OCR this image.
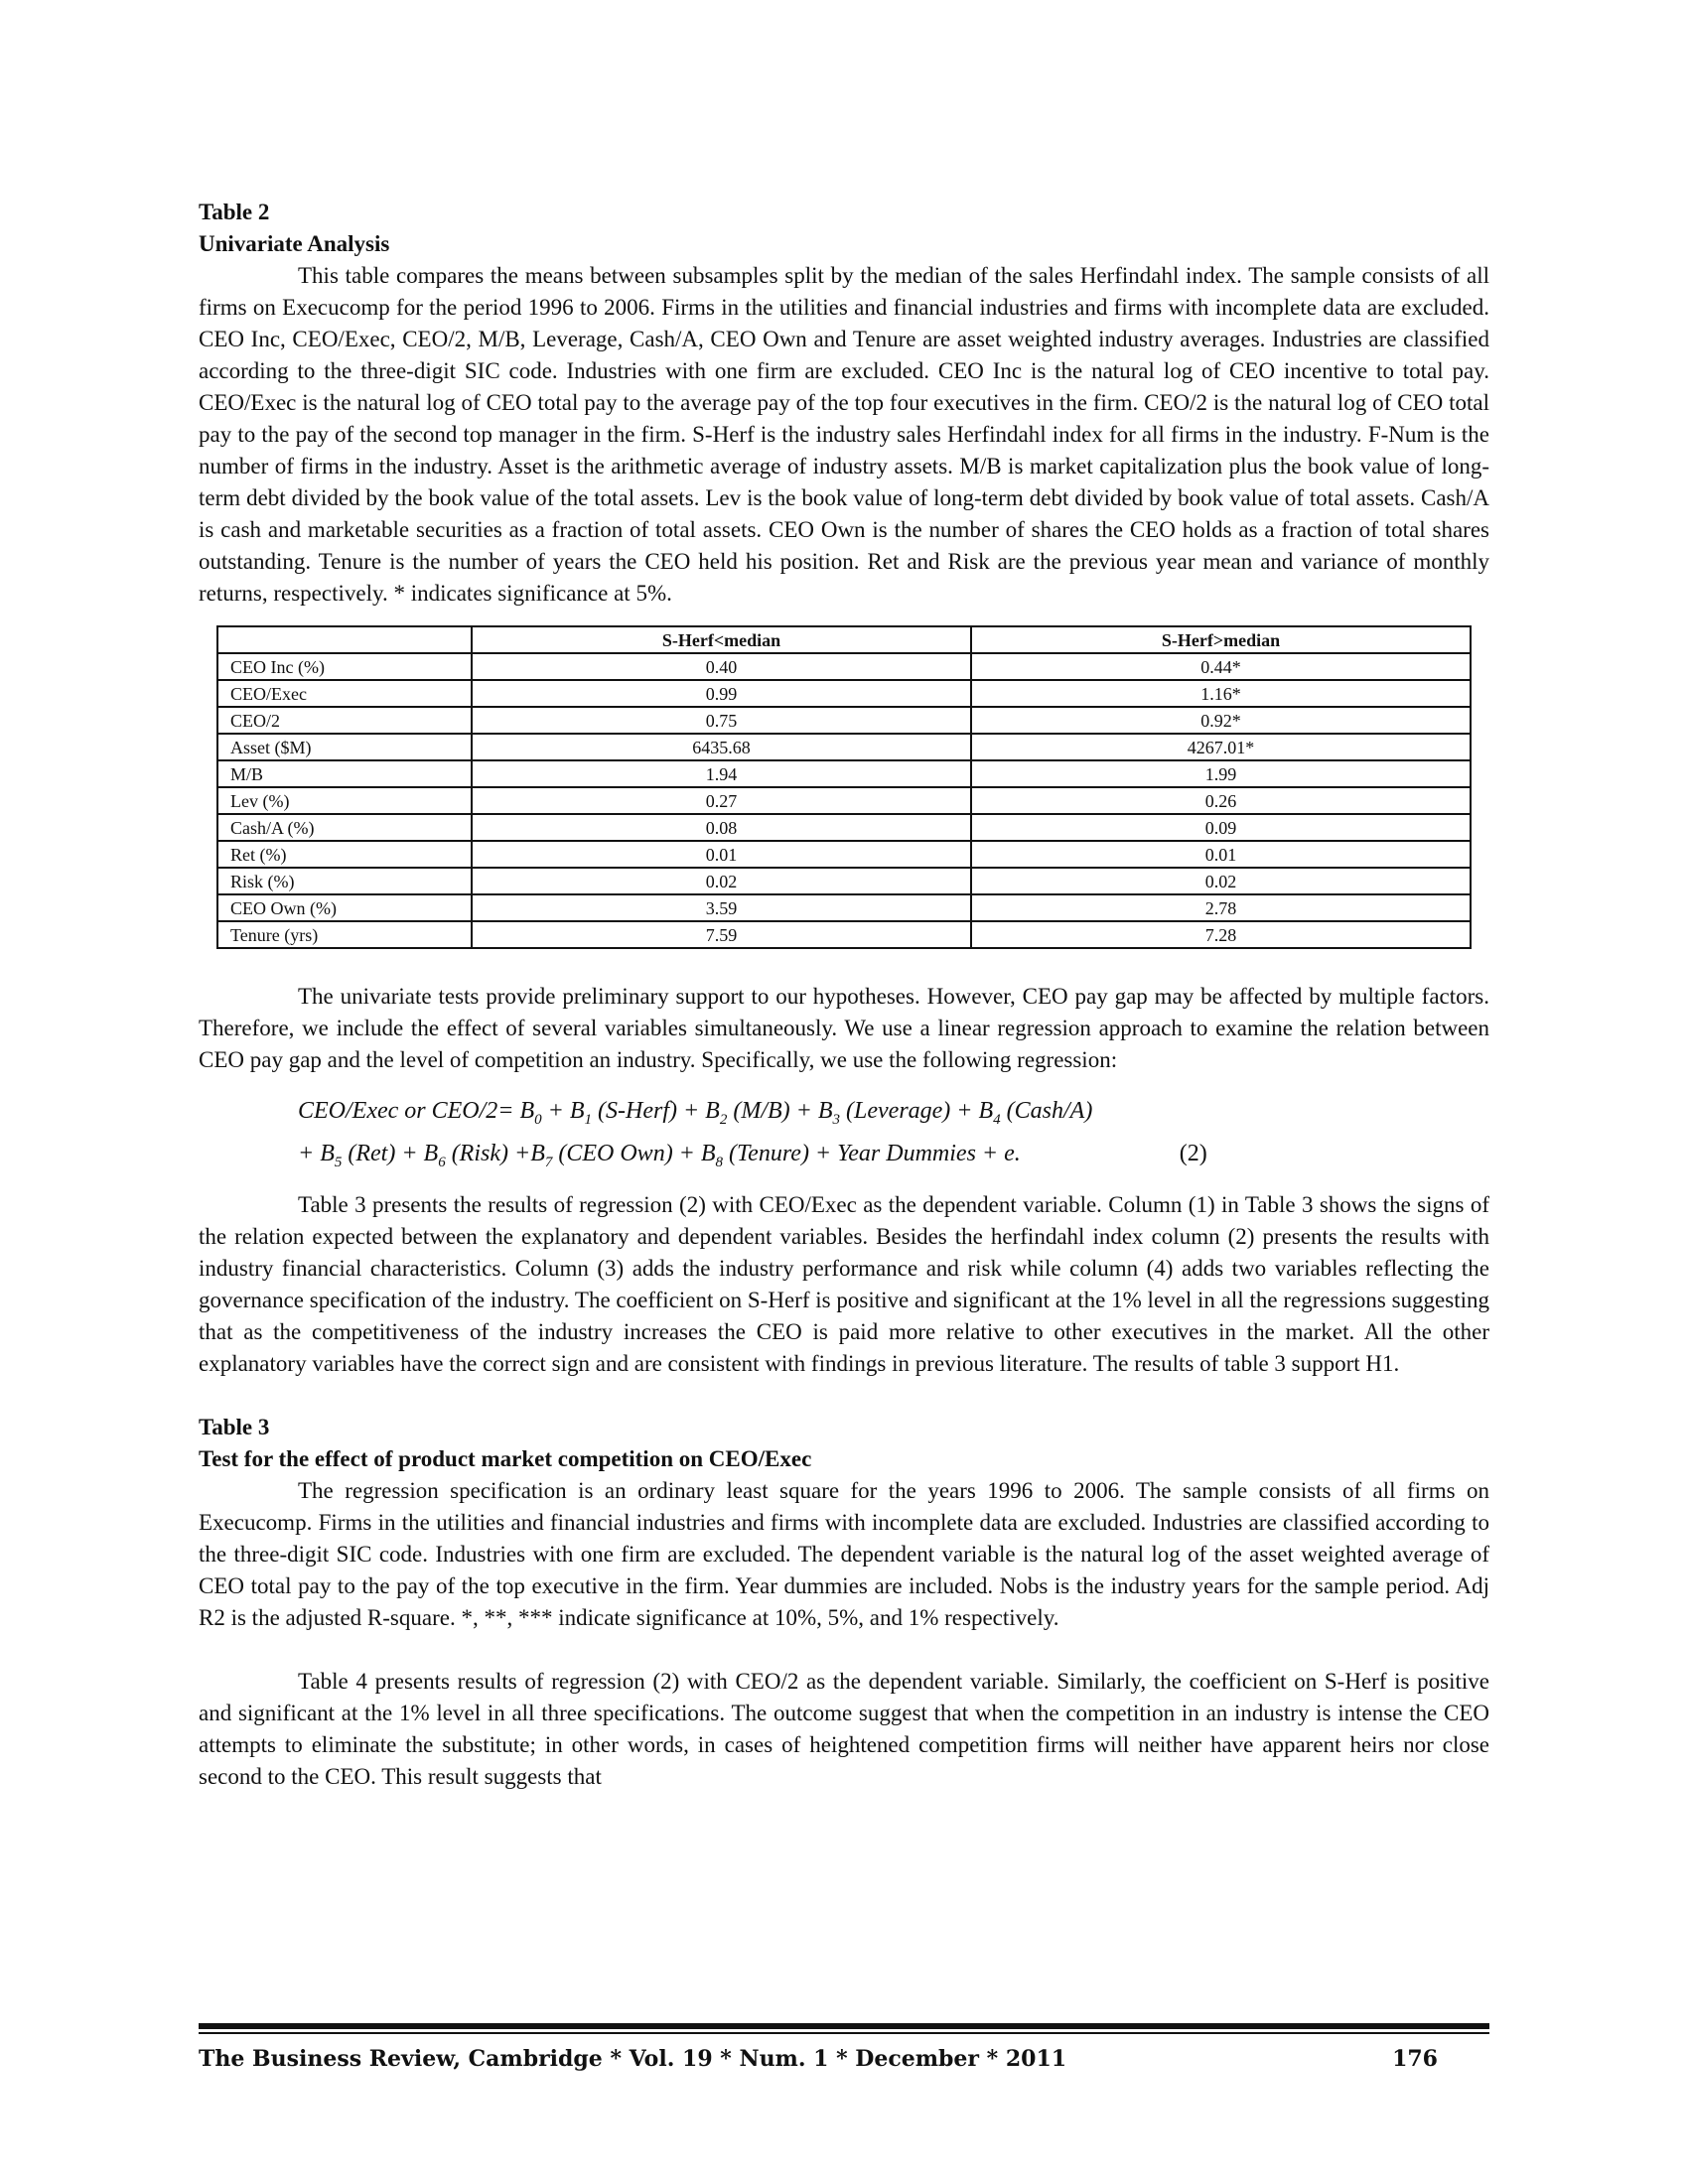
Table 2
Univariate Analysis

This table compares the means between subsamples split by the median of the sales Herfindahl index. The sample consists of all firms on Execucomp for the period 1996 to 2006. Firms in the utilities and financial industries and firms with incomplete data are excluded. CEO Inc, CEO/Exec, CEO/2, M/B, Leverage, Cash/A, CEO Own and Tenure are asset weighted industry averages. Industries are classified according to the three-digit SIC code. Industries with one firm are excluded. CEO Inc is the natural log of CEO incentive to total pay. CEO/Exec is the natural log of CEO total pay to the average pay of the top four executives in the firm. CEO/2 is the natural log of CEO total pay to the pay of the second top manager in the firm. S-Herf is the industry sales Herfindahl index for all firms in the industry. F-Num is the number of firms in the industry. Asset is the arithmetic average of industry assets. M/B is market capitalization plus the book value of long-term debt divided by the book value of the total assets. Lev is the book value of long-term debt divided by book value of total assets. Cash/A is cash and marketable securities as a fraction of total assets. CEO Own is the number of shares the CEO holds as a fraction of total shares outstanding. Tenure is the number of years the CEO held his position. Ret and Risk are the previous year mean and variance of monthly returns, respectively. * indicates significance at 5%.

	S-Herf<median	S-Herf>median
CEO Inc (%)	0.40	0.44*
CEO/Exec	0.99	1.16*
CEO/2	0.75	0.92*
Asset ($M)	6435.68	4267.01*
M/B	1.94	1.99
Lev (%)	0.27	0.26
Cash/A (%)	0.08	0.09
Ret (%)	0.01	0.01
Risk (%)	0.02	0.02
CEO Own (%)	3.59	2.78
Tenure (yrs)	7.59	7.28

The univariate tests provide preliminary support to our hypotheses. However, CEO pay gap may be affected by multiple factors. Therefore, we include the effect of several variables simultaneously. We use a linear regression approach to examine the relation between CEO pay gap and the level of competition an industry. Specifically, we use the following regression:

CEO/Exec or $CEO/2= B_0 + B_1$ (S-Herf) + $B_2$ $(M/B) + B_3$ (Leverage) + $B_4$ (Cash/A)
+ $B_5$ $(Ret) + B_6$ (Risk) $+B_7$ (CEO $Own) + B_8$ (Tenure) + Year Dummies + e.	(2)

Table 3 presents the results of regression (2) with CEO/Exec as the dependent variable. Column (1) in Table 3 shows the signs of the relation expected between the explanatory and dependent variables. Besides the herfindahl index column (2) presents the results with industry financial characteristics. Column (3) adds the industry performance and risk while column (4) adds two variables reflecting the governance specification of the industry. The coefficient on S-Herf is positive and significant at the 1% level in all the regressions suggesting that as the competitiveness of the industry increases the CEO is paid more relative to other executives in the market. All the other explanatory variables have the correct sign and are consistent with findings in previous literature. The results of table 3 support H1.

Table 3
Test for the effect of product market competition on CEO/Exec

The regression specification is an ordinary least square for the years 1996 to 2006. The sample consists of all firms on Execucomp. Firms in the utilities and financial industries and firms with incomplete data are excluded. Industries are classified according to the three-digit SIC code. Industries with one firm are excluded. The dependent variable is the natural log of the asset weighted average of CEO total pay to the pay of the top executive in the firm. Year dummies are included. Nobs is the industry years for the sample period. Adj R2 is the adjusted R-square. *, **, *** indicate significance at 10%, 5%, and 1% respectively.

Table 4 presents results of regression (2) with CEO/2 as the dependent variable. Similarly, the coefficient on S-Herf is positive and significant at the 1% level in all three specifications. The outcome suggest that when the competition in an industry is intense the CEO attempts to eliminate the substitute; in other words, in cases of heightened competition firms will neither have apparent heirs nor close second to the CEO. This result suggests that

The Business Review, Cambridge * Vol. 19 * Num. 1 * December * 2011	176
